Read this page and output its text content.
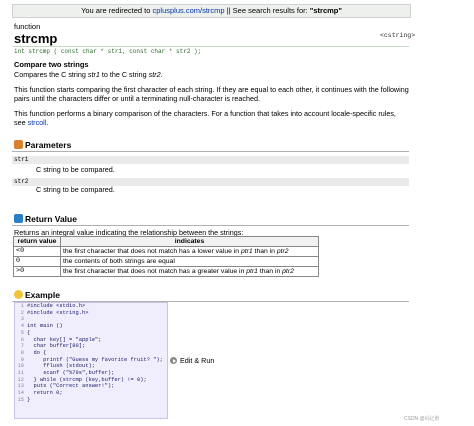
You are redirected to cplusplus.com/strcmp || See search results for: "strcmp"
function
strcmp	<cstring>
int strcmp ( const char * str1, const char * str2 );
Compare two strings
Compares the C string str1 to the C string str2.
This function starts comparing the first character of each string. If they are equal to each other, it continues with the following pairs until the characters differ or until a terminating null-character is reached.
This function performs a binary comparison of the characters. For a function that takes into account locale-specific rules, see strcoll.
Parameters
str1
C string to be compared.
str2
C string to be compared.
Return Value
Returns an integral value indicating the relationship between the strings:
return value	indicates
<0	the first character that does not match has a lower value in ptr1 than in ptr2
0	the contents of both strings are equal
>0	the first character that does not match has a greater value in ptr1 than in ptr2
Example
1 #include <stdio.h>
2 #include <string.h>
3
4 int main ()
5 {
6  char key[] = "apple";
7  char buffer[80];
8  do {
9     printf ("Guess my favorite fruit? ");
10     fflush (stdout);
11     scanf ("%79s",buffer);
12  } while (strcmp (key,buffer) != 0);
13  puts ("Correct answer!");
14  return 0;
15 }
Edit & Run
CSDN @码亿维
